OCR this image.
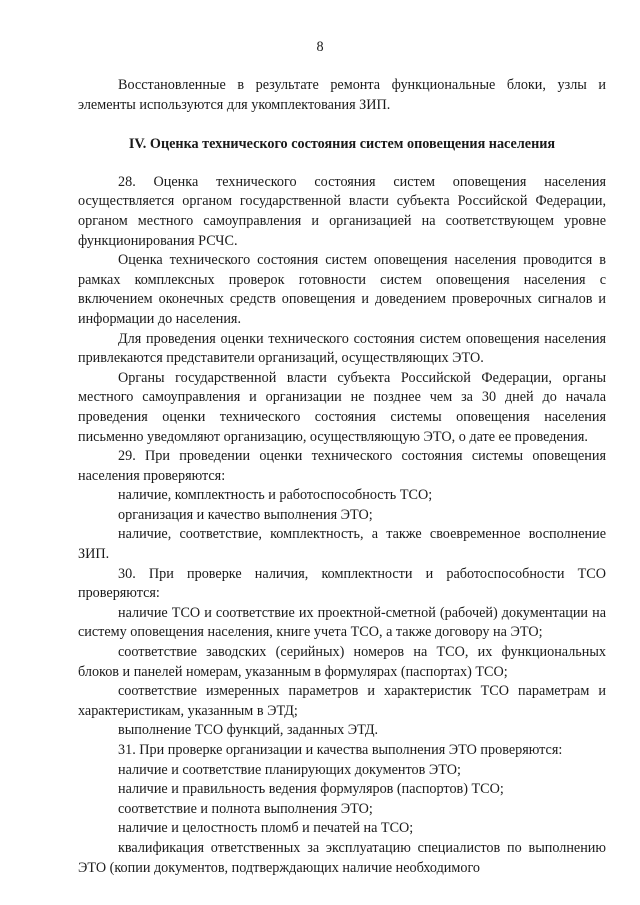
8

Восстановленные в результате ремонта функциональные блоки, узлы и элементы используются для укомплектования ЗИП.

IV. Оценка технического состояния систем оповещения населения

28. Оценка технического состояния систем оповещения населения осуществляется органом государственной власти субъекта Российской Федерации, органом местного самоуправления и организацией на соответствующем уровне функционирования РСЧС.

Оценка технического состояния систем оповещения населения проводится в рамках комплексных проверок готовности систем оповещения населения с включением оконечных средств оповещения и доведением проверочных сигналов и информации до населения.

Для проведения оценки технического состояния систем оповещения населения привлекаются представители организаций, осуществляющих ЭТО.

Органы государственной власти субъекта Российской Федерации, органы местного самоуправления и организации не позднее чем за 30 дней до начала проведения оценки технического состояния системы оповещения населения письменно уведомляют организацию, осуществляющую ЭТО, о дате ее проведения.

29. При проведении оценки технического состояния системы оповещения населения проверяются:

наличие, комплектность и работоспособность ТСО;

организация и качество выполнения ЭТО;

наличие, соответствие, комплектность, а также своевременное восполнение ЗИП.

30. При проверке наличия, комплектности и работоспособности ТСО проверяются:

наличие ТСО и соответствие их проектной-сметной (рабочей) документации на систему оповещения населения, книге учета ТСО, а также договору на ЭТО;

соответствие заводских (серийных) номеров на ТСО, их функциональных блоков и панелей номерам, указанным в формулярах (паспортах) ТСО;

соответствие измеренных параметров и характеристик ТСО параметрам и характеристикам, указанным в ЭТД;

выполнение ТСО функций, заданных ЭТД.

31. При проверке организации и качества выполнения ЭТО проверяются:

наличие и соответствие планирующих документов ЭТО;

наличие и правильность ведения формуляров (паспортов) ТСО;

соответствие и полнота выполнения ЭТО;

наличие и целостность пломб и печатей на ТСО;

квалификация ответственных за эксплуатацию специалистов по выполнению ЭТО (копии документов, подтверждающих наличие необходимого
